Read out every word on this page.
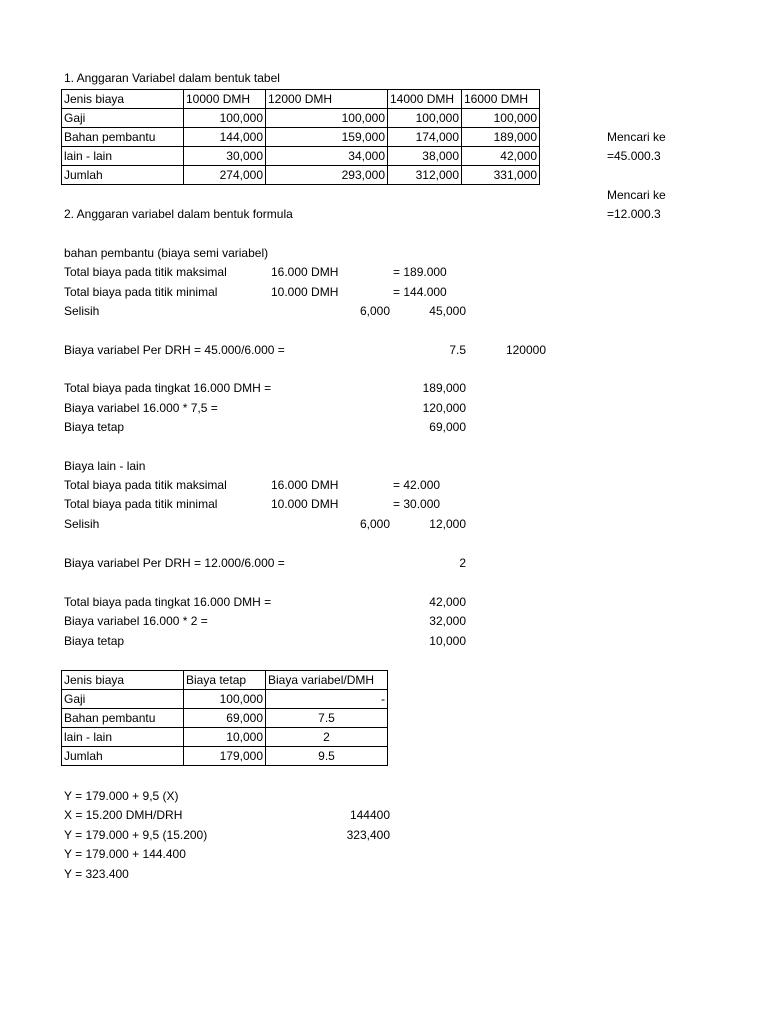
1. Anggaran Variabel dalam bentuk tabel
Jenis biaya	10000 DMH	12000 DMH	14000 DMH	16000 DMH
Gaji	100,000	100,000	100,000	100,000
Bahan pembantu	144,000	159,000	174,000	189,000
lain - lain	30,000	34,000	38,000	42,000
Jumlah	274,000	293,000	312,000	331,000
Mencari ke
=45.000.3
Mencari ke
=12.000.3
2. Anggaran variabel dalam bentuk formula
bahan pembantu (biaya semi variabel)
Total biaya pada titik maksimal	16.000 DMH	= 189.000
Total biaya pada titik minimal	10.000 DMH	= 144.000
Selisih	6,000	45,000
Biaya variabel Per DRH = 45.000/6.000 =	7.5	120000
Total biaya pada tingkat 16.000 DMH =	189,000
Biaya variabel 16.000 * 7,5 =	120,000
Biaya tetap	69,000
Biaya lain - lain
Total biaya pada titik maksimal	16.000 DMH	= 42.000
Total biaya pada titik minimal	10.000 DMH	= 30.000
Selisih	6,000	12,000
Biaya variabel Per DRH = 12.000/6.000 =	2
Total biaya pada tingkat 16.000 DMH =	42,000
Biaya variabel 16.000 * 2 =	32,000
Biaya tetap	10,000
Jenis biaya	Biaya tetap	Biaya variabel/DMH
Gaji	100,000	-
Bahan pembantu	69,000	7.5
lain - lain	10,000	2
Jumlah	179,000	9.5
Y = 179.000 + 9,5 (X)
X = 15.200 DMH/DRH	144400
Y = 179.000 + 9,5 (15.200)	323,400
Y = 179.000 + 144.400
Y = 323.400
